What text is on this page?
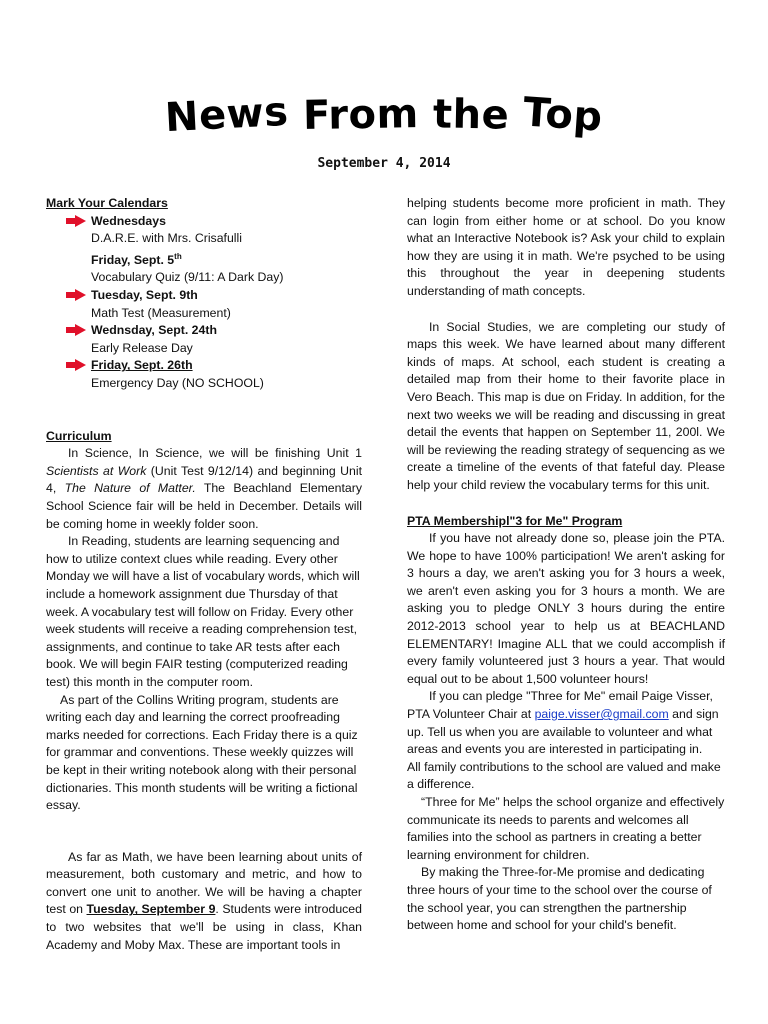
News From the Top
September 4, 2014
Mark Your Calendars
Wednesdays
D.A.R.E. with Mrs. Crisafulli
Friday, Sept. 5th
Vocabulary Quiz (9/11: A Dark Day)
Tuesday, Sept. 9th
Math Test (Measurement)
Wednsday, Sept. 24th
Early Release Day
Friday, Sept. 26th
Emergency Day (NO SCHOOL)
Curriculum

In Science, In Science, we will be finishing Unit 1 Scientists at Work (Unit Test 9/12/14) and beginning Unit 4, The Nature of Matter. The Beachland Elementary School Science fair will be held in December. Details will be coming home in weekly folder soon.

In Reading, students are learning sequencing and how to utilize context clues while reading. Every other Monday we will have a list of vocabulary words, which will include a homework assignment due Thursday of that week. A vocabulary test will follow on Friday. Every other week students will receive a reading comprehension test, assignments, and continue to take AR tests after each book. We will begin FAIR testing (computerized reading test) this month in the computer room.

As part of the Collins Writing program, students are writing each day and learning the correct proofreading marks needed for corrections. Each Friday there is a quiz for grammar and conventions. These weekly quizzes will be kept in their writing notebook along with their personal dictionaries. This month students will be writing a fictional essay.

As far as Math, we have been learning about units of measurement, both customary and metric, and how to convert one unit to another. We will be having a chapter test on Tuesday, September 9. Students were introduced to two websites that we'll be using in class, Khan Academy and Moby Max. These are important tools in

helping students become more proficient in math. They can login from either home or at school. Do you know what an Interactive Notebook is? Ask your child to explain how they are using it in math. We're psyched to be using this throughout the year in deepening students understanding of math concepts.

In Social Studies, we are completing our study of maps this week. We have learned about many different kinds of maps. At school, each student is creating a detailed map from their home to their favorite place in Vero Beach. This map is due on Friday. In addition, for the next two weeks we will be reading and discussing in great detail the events that happen on September 11, 200l. We will be reviewing the reading strategy of sequencing as we create a timeline of the events of that fateful day. Please help your child review the vocabulary terms for this unit.

PTA Membershipl"3 for Me" Program

If you have not already done so, please join the PTA. We hope to have 100% participation! We aren't asking for 3 hours a day, we aren't asking you for 3 hours a week, we aren't even asking you for 3 hours a month. We are asking you to pledge ONLY 3 hours during the entire 2012-2013 school year to help us at BEACHLAND ELEMENTARY! Imagine ALL that we could accomplish if every family volunteered just 3 hours a year. That would equal out to be about 1,500 volunteer hours!

If you can pledge "Three for Me" email Paige Visser, PTA Volunteer Chair at paige.visser@gmail.com and sign up. Tell us when you are available to volunteer and what areas and events you are interested in participating in.

All family contributions to the school are valued and make a difference.

“Three for Me” helps the school organize and effectively communicate its needs to parents and welcomes all families into the school as partners in creating a better learning environment for children.

By making the Three-for-Me promise and dedicating three hours of your time to the school over the course of the school year, you can strengthen the partnership between home and school for your child's benefit.
